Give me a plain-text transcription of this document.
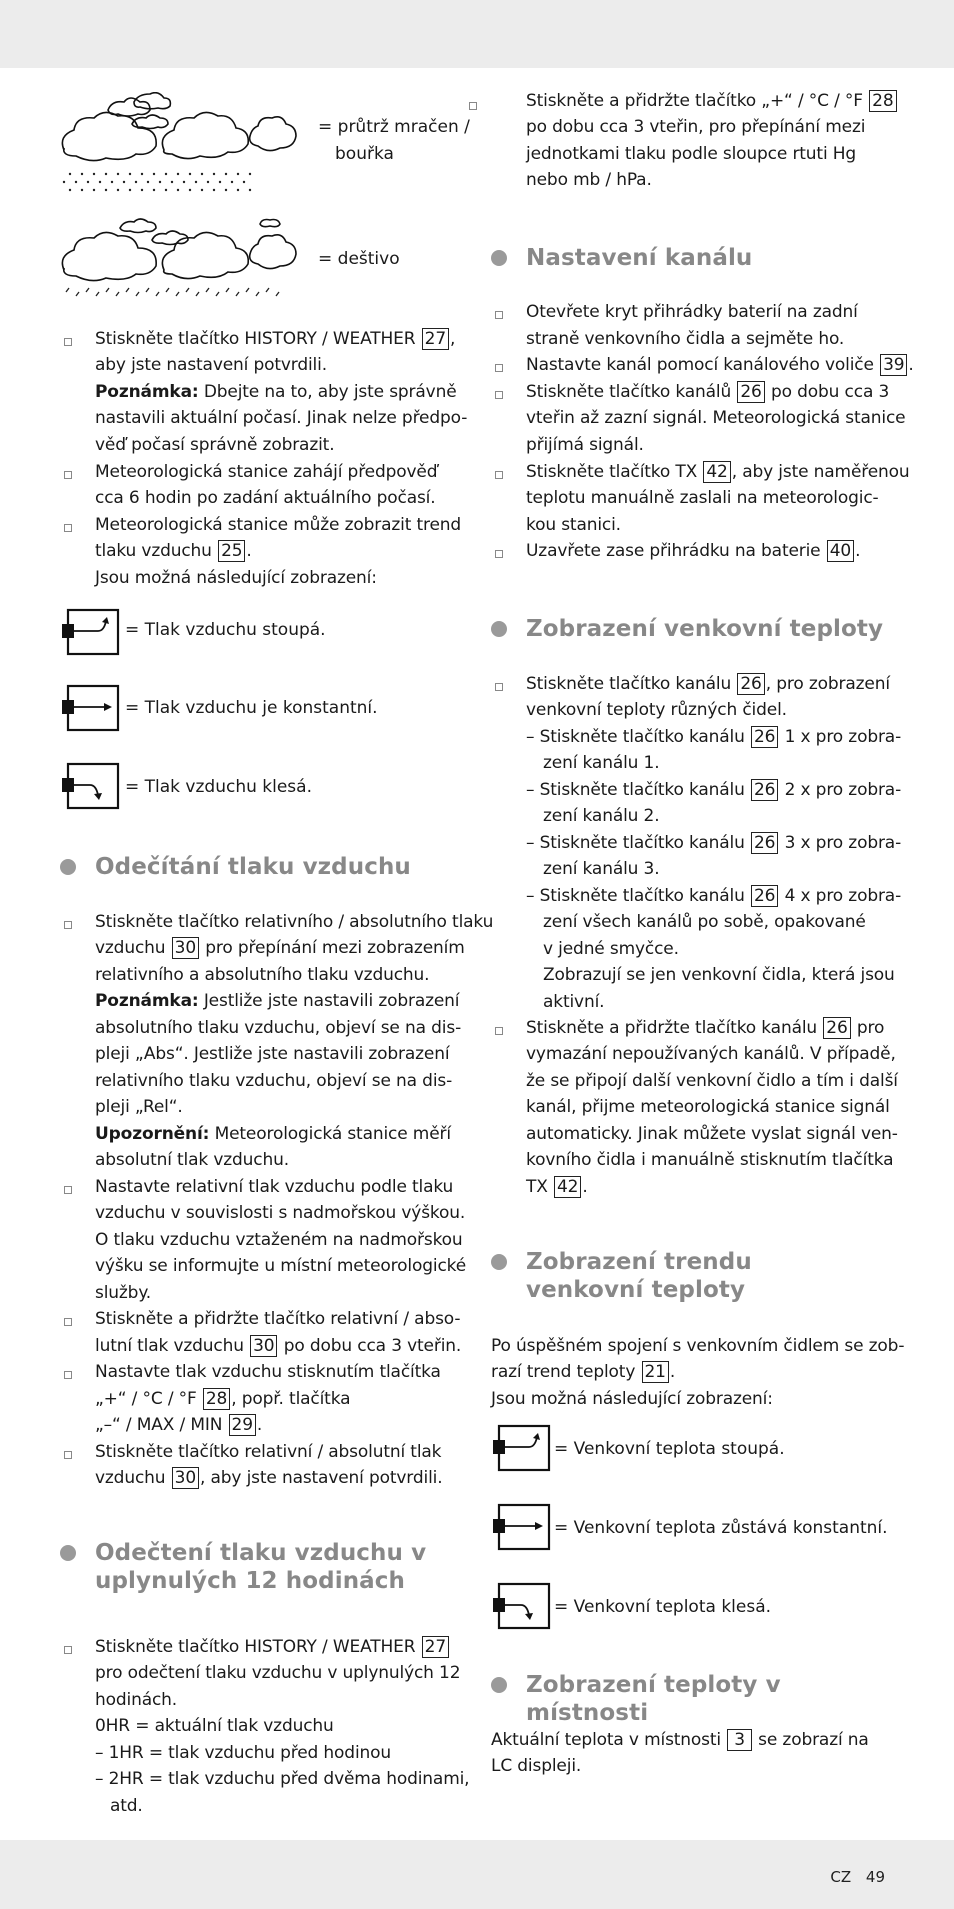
CZ 49
= průtrž mračen /
bouřka
= deštivo
Stiskněte tlačítko HISTORY / WEATHER 27 ,
aby jste nastavení potvrdili.
Poznámka: Dbejte na to, aby jste správně
nastavili aktuální počasí. Jinak nelze předpo-
věď počasí správně zobrazit.
Meteorologická stanice zahájí předpověď
cca 6 hodin po zadání aktuálního počasí.
Meteorologická stanice může zobrazit trend
tlaku vzduchu 25 .
Jsou možná následující zobrazení:
= Tlak vzduchu stoupá.
= Tlak vzduchu je konstantní.
= Tlak vzduchu klesá.
Odečítání tlaku vzduchu
Stiskněte tlačítko relativního / absolutního tlaku
vzduchu 30 pro přepínání mezi zobrazením
relativního a absolutního tlaku vzduchu.
Poznámka: Jestliže jste nastavili zobrazení
absolutního tlaku vzduchu, objeví se na dis-
pleji „Abs“. Jestliže jste nastavili zobrazení
relativního tlaku vzduchu, objeví se na dis-
pleji „Rel“.
Upozornění: Meteorologická stanice měří
absolutní tlak vzduchu.
Nastavte relativní tlak vzduchu podle tlaku
vzduchu v souvislosti s nadmořskou výškou.
O tlaku vzduchu vztaženém na nadmořskou
výšku se informujte u místní meteorologické
služby.
Stiskněte a přidržte tlačítko relativní / abso-
lutní tlak vzduchu 30 po dobu cca 3 vteřin.
Nastavte tlak vzduchu stisknutím tlačítka
„+“ / °C / °F 28 , popř. tlačítka
„–“ / MAX / MIN 29 .
Stiskněte tlačítko relativní / absolutní tlak
vzduchu 30 , aby jste nastavení potvrdili.
Odečtení tlaku vzduchu v
uplynulých 12 hodinách
Stiskněte tlačítko HISTORY / WEATHER 27
pro odečtení tlaku vzduchu v uplynulých 12
hodinách.
0HR = aktuální tlak vzduchu
– 1HR = tlak vzduchu před hodinou
– 2HR = tlak vzduchu před dvěma hodinami,
atd.
Stiskněte a přidržte tlačítko „+“ / °C / °F 28
po dobu cca 3 vteřin, pro přepínání mezi
jednotkami tlaku podle sloupce rtuti Hg
nebo mb / hPa.
Nastavení kanálu
Otevřete kryt přihrádky baterií na zadní
straně venkovního čidla a sejměte ho.
Nastavte kanál pomocí kanálového voliče 39 .
Stiskněte tlačítko kanálů 26 po dobu cca 3
vteřin až zazní signál. Meteorologická stanice
přijímá signál.
Stiskněte tlačítko TX 42 , aby jste naměřenou
teplotu manuálně zaslali na meteorologic-
kou stanici.
Uzavřete zase přihrádku na baterie 40 .
Zobrazení venkovní teploty
Stiskněte tlačítko kanálu 26 , pro zobrazení
venkovní teploty různých čidel.
– Stiskněte tlačítko kanálu 26 1 x pro zobra-
zení kanálu 1.
– Stiskněte tlačítko kanálu 26 2 x pro zobra-
zení kanálu 2.
– Stiskněte tlačítko kanálu 26 3 x pro zobra-
zení kanálu 3.
– Stiskněte tlačítko kanálu 26 4 x pro zobra-
zení všech kanálů po sobě, opakované
v jedné smyčce.
Zobrazují se jen venkovní čidla, která jsou
aktivní.
Stiskněte a přidržte tlačítko kanálu 26 pro
vymazání nepoužívaných kanálů. V případě,
že se připojí další venkovní čidlo a tím i další
kanál, přijme meteorologická stanice signál
automaticky. Jinak můžete vyslat signál ven-
kovního čidla i manuálně stisknutím tlačítka
TX 42 .
Zobrazení trendu
venkovní teploty
Po úspěšném spojení s venkovním čidlem se zob-
razí trend teploty 21 .
Jsou možná následující zobrazení:
= Venkovní teplota stoupá.
= Venkovní teplota zůstává konstantní.
= Venkovní teplota klesá.
Zobrazení teploty v místnosti
Aktuální teplota v místnosti 3 se zobrazí na
LC displeji.
